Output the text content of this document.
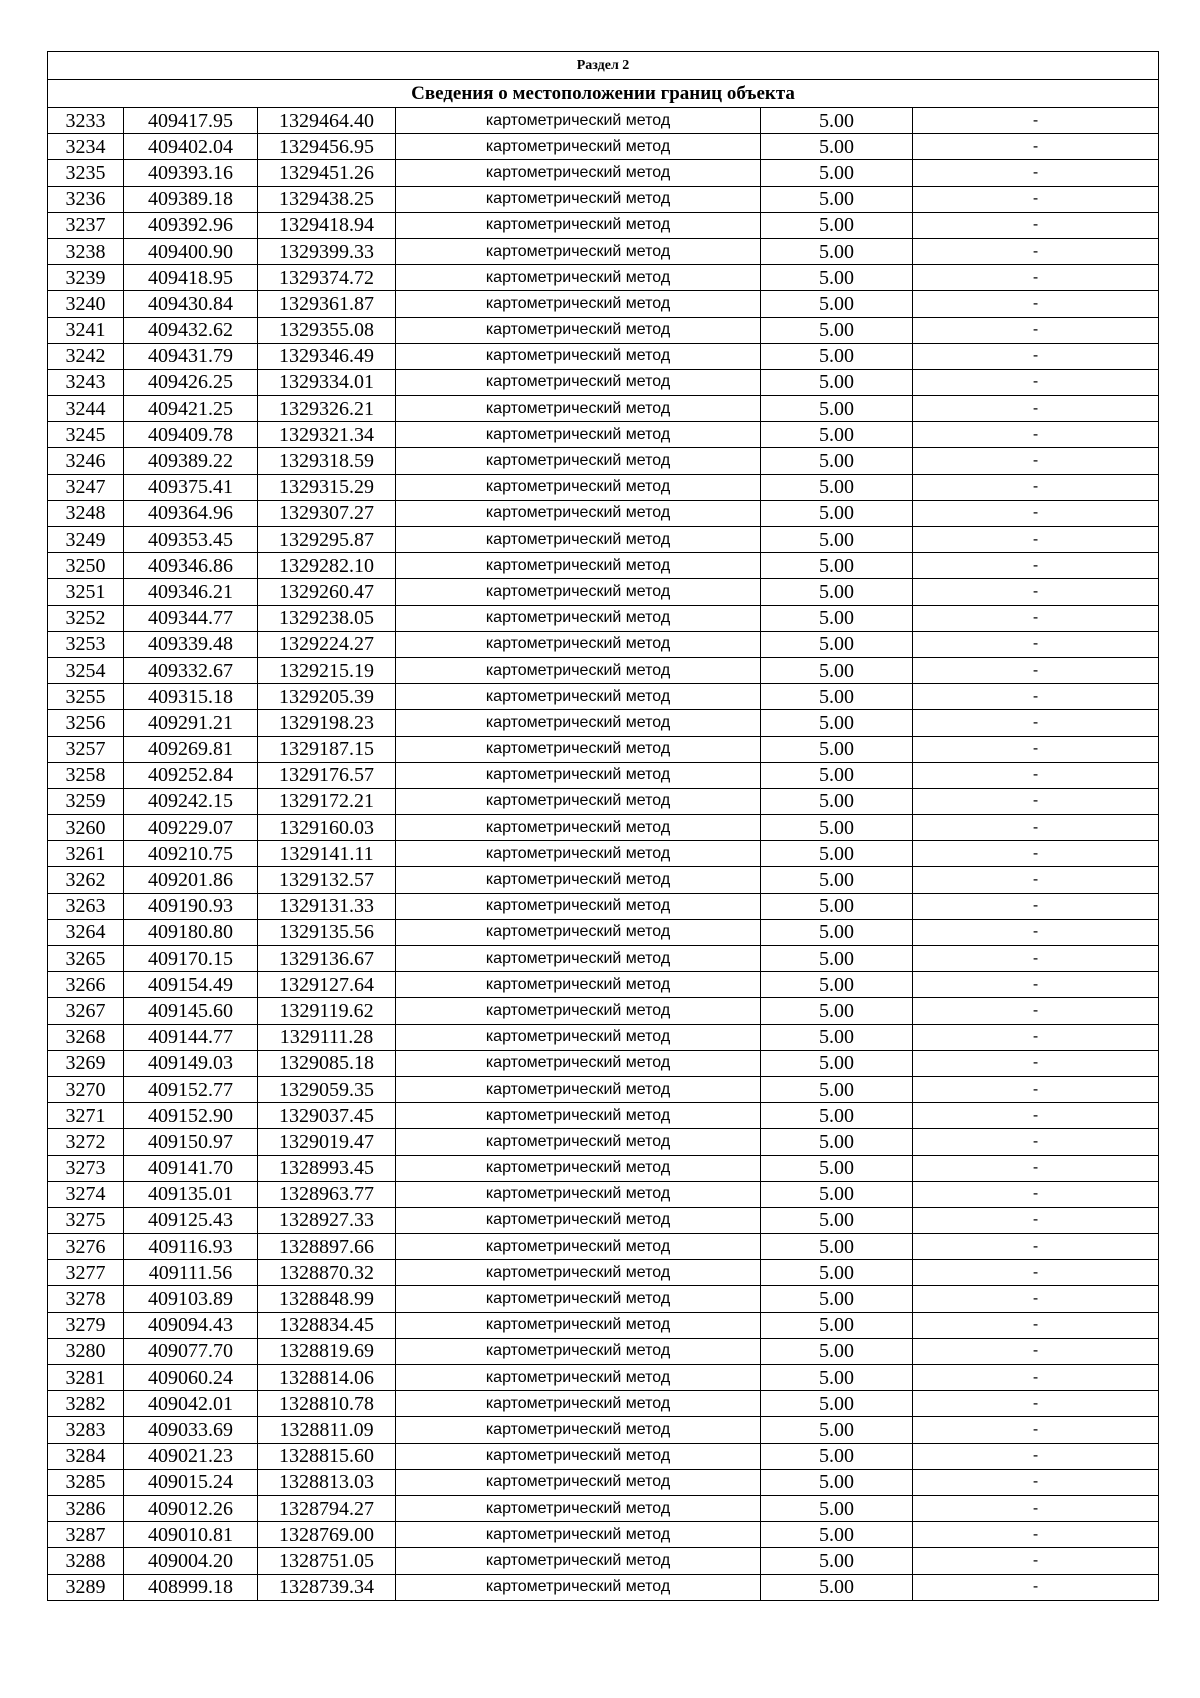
Раздел 2					
Сведения о местоположении границ объекта					
3233	409417.95	1329464.40	картометрический метод	5.00	-
3234	409402.04	1329456.95	картометрический метод	5.00	-
3235	409393.16	1329451.26	картометрический метод	5.00	-
3236	409389.18	1329438.25	картометрический метод	5.00	-
3237	409392.96	1329418.94	картометрический метод	5.00	-
3238	409400.90	1329399.33	картометрический метод	5.00	-
3239	409418.95	1329374.72	картометрический метод	5.00	-
3240	409430.84	1329361.87	картометрический метод	5.00	-
3241	409432.62	1329355.08	картометрический метод	5.00	-
3242	409431.79	1329346.49	картометрический метод	5.00	-
3243	409426.25	1329334.01	картометрический метод	5.00	-
3244	409421.25	1329326.21	картометрический метод	5.00	-
3245	409409.78	1329321.34	картометрический метод	5.00	-
3246	409389.22	1329318.59	картометрический метод	5.00	-
3247	409375.41	1329315.29	картометрический метод	5.00	-
3248	409364.96	1329307.27	картометрический метод	5.00	-
3249	409353.45	1329295.87	картометрический метод	5.00	-
3250	409346.86	1329282.10	картометрический метод	5.00	-
3251	409346.21	1329260.47	картометрический метод	5.00	-
3252	409344.77	1329238.05	картометрический метод	5.00	-
3253	409339.48	1329224.27	картометрический метод	5.00	-
3254	409332.67	1329215.19	картометрический метод	5.00	-
3255	409315.18	1329205.39	картометрический метод	5.00	-
3256	409291.21	1329198.23	картометрический метод	5.00	-
3257	409269.81	1329187.15	картометрический метод	5.00	-
3258	409252.84	1329176.57	картометрический метод	5.00	-
3259	409242.15	1329172.21	картометрический метод	5.00	-
3260	409229.07	1329160.03	картометрический метод	5.00	-
3261	409210.75	1329141.11	картометрический метод	5.00	-
3262	409201.86	1329132.57	картометрический метод	5.00	-
3263	409190.93	1329131.33	картометрический метод	5.00	-
3264	409180.80	1329135.56	картометрический метод	5.00	-
3265	409170.15	1329136.67	картометрический метод	5.00	-
3266	409154.49	1329127.64	картометрический метод	5.00	-
3267	409145.60	1329119.62	картометрический метод	5.00	-
3268	409144.77	1329111.28	картометрический метод	5.00	-
3269	409149.03	1329085.18	картометрический метод	5.00	-
3270	409152.77	1329059.35	картометрический метод	5.00	-
3271	409152.90	1329037.45	картометрический метод	5.00	-
3272	409150.97	1329019.47	картометрический метод	5.00	-
3273	409141.70	1328993.45	картометрический метод	5.00	-
3274	409135.01	1328963.77	картометрический метод	5.00	-
3275	409125.43	1328927.33	картометрический метод	5.00	-
3276	409116.93	1328897.66	картометрический метод	5.00	-
3277	409111.56	1328870.32	картометрический метод	5.00	-
3278	409103.89	1328848.99	картометрический метод	5.00	-
3279	409094.43	1328834.45	картометрический метод	5.00	-
3280	409077.70	1328819.69	картометрический метод	5.00	-
3281	409060.24	1328814.06	картометрический метод	5.00	-
3282	409042.01	1328810.78	картометрический метод	5.00	-
3283	409033.69	1328811.09	картометрический метод	5.00	-
3284	409021.23	1328815.60	картометрический метод	5.00	-
3285	409015.24	1328813.03	картометрический метод	5.00	-
3286	409012.26	1328794.27	картометрический метод	5.00	-
3287	409010.81	1328769.00	картометрический метод	5.00	-
3288	409004.20	1328751.05	картометрический метод	5.00	-
3289	408999.18	1328739.34	картометрический метод	5.00	-
